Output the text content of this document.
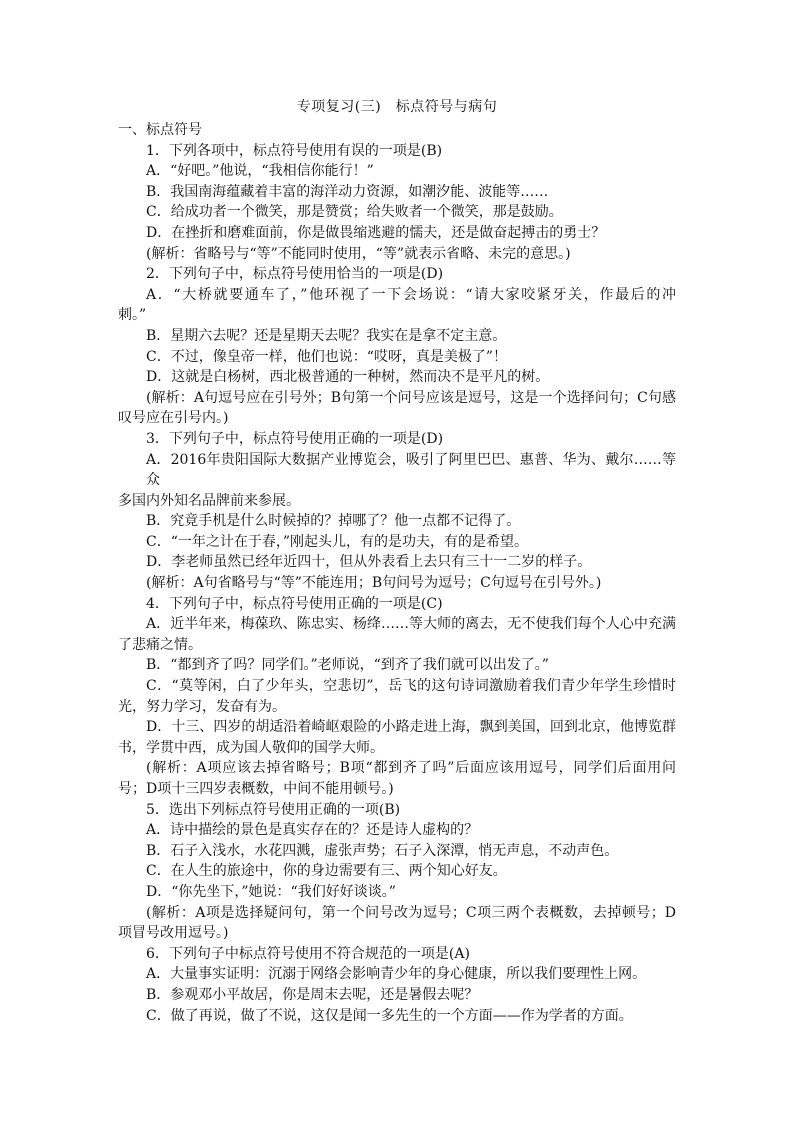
专项复习(三)　标点符号与病句
一、标点符号
1．下列各项中，标点符号使用有误的一项是(B)
A．“好吧。”他说，“我相信你能行！”
B．我国南海蕴藏着丰富的海洋动力资源，如潮汐能、波能等……
C．给成功者一个微笑，那是赞赏；给失败者一个微笑，那是鼓励。
D．在挫折和磨难面前，你是做畏缩逃避的懦夫，还是做奋起搏击的勇士？
(解析：省略号与“等”不能同时使用，“等”就表示省略、未完的意思。)
2．下列句子中，标点符号使用恰当的一项是(D)
A．“大桥就要通车了，”他环视了一下会场说：“请大家咬紧牙关，作最后的冲
刺。”
B．星期六去呢？还是星期天去呢？我实在是拿不定主意。
C．不过，像皇帝一样，他们也说：“哎呀，真是美极了”！
D．这就是白杨树，西北极普通的一种树，然而决不是平凡的树。
(解析：A句逗号应在引号外；B句第一个问号应该是逗号，这是一个选择问句；C句感
叹号应在引号内。)
3．下列句子中，标点符号使用正确的一项是(D)
A．2016年贵阳国际大数据产业博览会，吸引了阿里巴巴、惠普、华为、戴尔……等众
多国内外知名品牌前来参展。
B．究竟手机是什么时候掉的？掉哪了？他一点都不记得了。
C．“一年之计在于春，”刚起头儿，有的是功夫，有的是希望。
D．李老师虽然已经年近四十，但从外表看上去只有三十一二岁的样子。
(解析：A句省略号与“等”不能连用；B句问号为逗号；C句逗号在引号外。)
4．下列句子中，标点符号使用正确的一项是(C)
A．近半年来，梅葆玖、陈忠实、杨绛……等大师的离去，无不使我们每个人心中充满
了悲痛之情。
B．“都到齐了吗？同学们。”老师说，“到齐了我们就可以出发了。”
C．“莫等闲，白了少年头，空悲切”，岳飞的这句诗词激励着我们青少年学生珍惜时
光，努力学习，发奋有为。
D．十三、四岁的胡适沿着崎岖艰险的小路走进上海，飘到美国，回到北京，他博览群
书，学贯中西，成为国人敬仰的国学大师。
(解析：A项应该去掉省略号；B项“都到齐了吗”后面应该用逗号，同学们后面用问
号；D项十三四岁表概数，中间不能用顿号。)
5．选出下列标点符号使用正确的一项(B)
A．诗中描绘的景色是真实存在的？还是诗人虚构的？
B．石子入浅水，水花四溅，虚张声势；石子入深潭，悄无声息，不动声色。
C．在人生的旅途中，你的身边需要有三、两个知心好友。
D．“你先坐下，”她说：“我们好好谈谈。”
(解析：A项是选择疑问句，第一个问号改为逗号；C项三两个表概数，去掉顿号；D
项冒号改用逗号。)
6．下列句子中标点符号使用不符合规范的一项是(A)
A．大量事实证明：沉溺于网络会影响青少年的身心健康，所以我们要理性上网。
B．参观邓小平故居，你是周末去呢，还是暑假去呢？
C．做了再说，做了不说，这仅是闻一多先生的一个方面——作为学者的方面。
